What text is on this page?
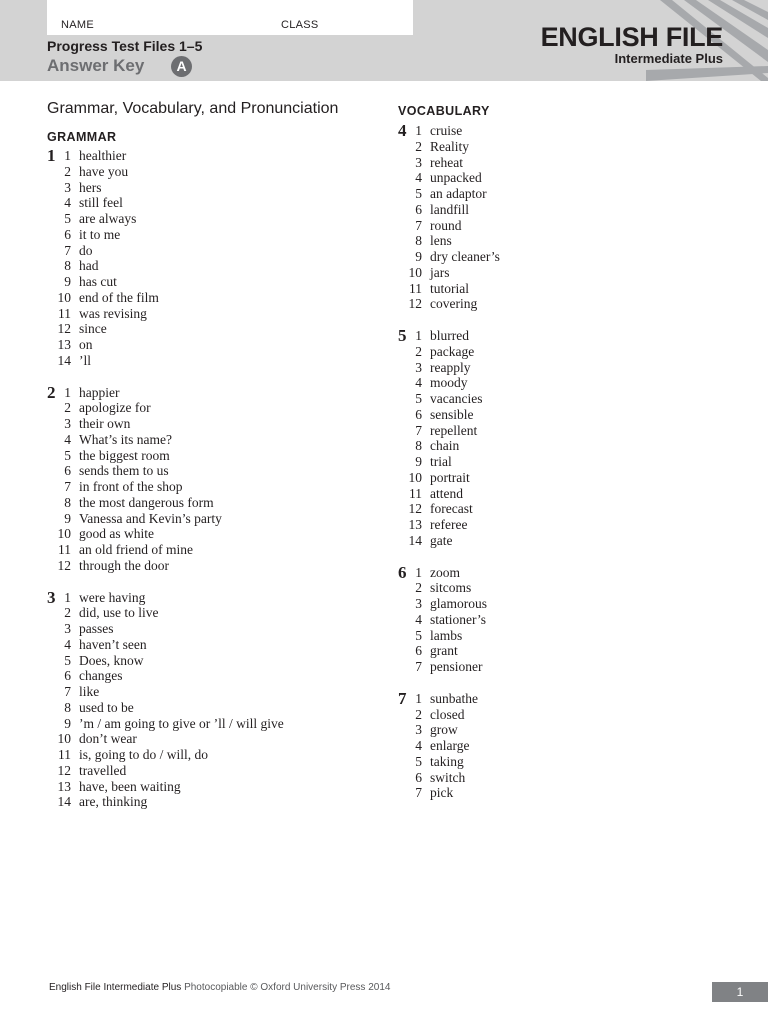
NAME	CLASS
Progress Test Files 1–5
Answer Key	A
ENGLISH FILE
Intermediate Plus
Grammar, Vocabulary, and Pronunciation
GRAMMAR
VOCABULARY
1 1 healthier
2 have you
3 hers
4 still feel
5 are always
6 it to me
7 do
8 had
9 has cut
10 end of the film
11 was revising
12 since
13 on
14 ’ll
2 1 happier
2 apologize for
3 their own
4 What’s its name?
5 the biggest room
6 sends them to us
7 in front of the shop
8 the most dangerous form
9 Vanessa and Kevin’s party
10 good as white
11 an old friend of mine
12 through the door
3 1 were having
2 did, use to live
3 passes
4 haven’t seen
5 Does, know
6 changes
7 like
8 used to be
9 ’m / am going to give or ’ll / will give
10 don’t wear
11 is, going to do / will, do
12 travelled
13 have, been waiting
14 are, thinking
4 1 cruise
2 Reality
3 reheat
4 unpacked
5 an adaptor
6 landfill
7 round
8 lens
9 dry cleaner’s
10 jars
11 tutorial
12 covering
5 1 blurred
2 package
3 reapply
4 moody
5 vacancies
6 sensible
7 repellent
8 chain
9 trial
10 portrait
11 attend
12 forecast
13 referee
14 gate
6 1 zoom
2 sitcoms
3 glamorous
4 stationer’s
5 lambs
6 grant
7 pensioner
7 1 sunbathe
2 closed
3 grow
4 enlarge
5 taking
6 switch
7 pick
English File Intermediate Plus Photocopiable © Oxford University Press 2014	1
